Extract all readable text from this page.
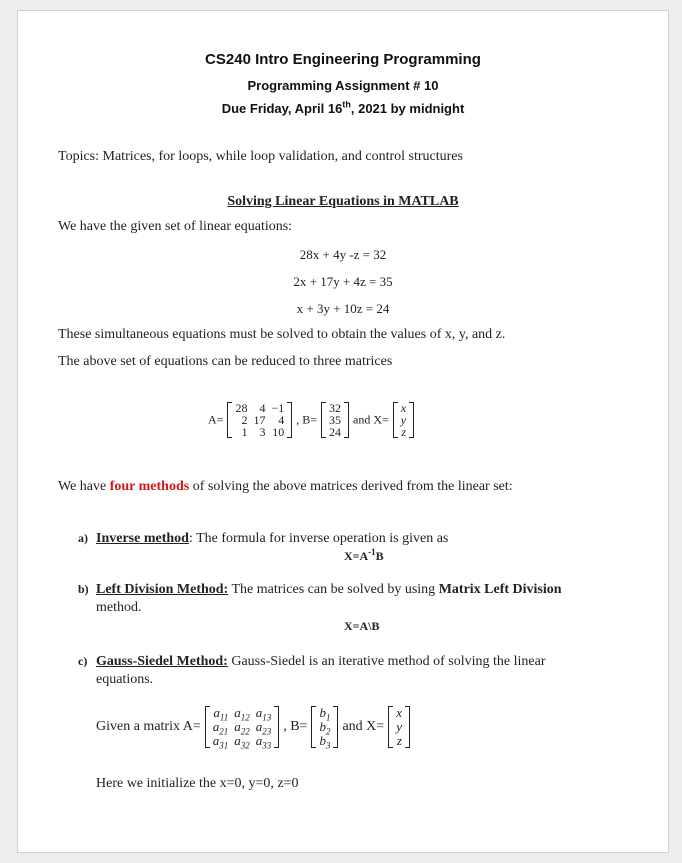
CS240 Intro Engineering Programming
Programming Assignment # 10
Due Friday, April 16th, 2021 by midnight
Topics: Matrices, for loops, while loop validation, and control structures
Solving Linear Equations in MATLAB
We have the given set of linear equations:
28x + 4y -z = 32
2x + 17y + 4z = 35
x + 3y + 10z = 24
These simultaneous equations must be solved to obtain the values of x, y, and z.
The above set of equations can be reduced to three matrices
A=
28	4	−1
2	17	4
1	3	10
, B=
32
35
24
and X=
x
y
z
We have four methods of solving the above matrices derived from the linear set:
a) Inverse method: The formula for inverse operation is given as
$X=A^{-1}B$
b) Left Division Method: The matrices can be solved by using Matrix Left Division
method.
X=A\B
c) Gauss-Siedel Method: Gauss-Siedel is an iterative method of solving the linear
equations.
Given a matrix A=
$a_{11}$	$a_{12}$	$a_{13}$
$a_{21}$	$a_{22}$	$a_{23}$
$a_{31}$	$a_{32}$	$a_{33}$
, B=
$b_1$
$b_2$
$b_3$
and X=
x
y
z
Here we initialize the x=0, y=0, z=0
